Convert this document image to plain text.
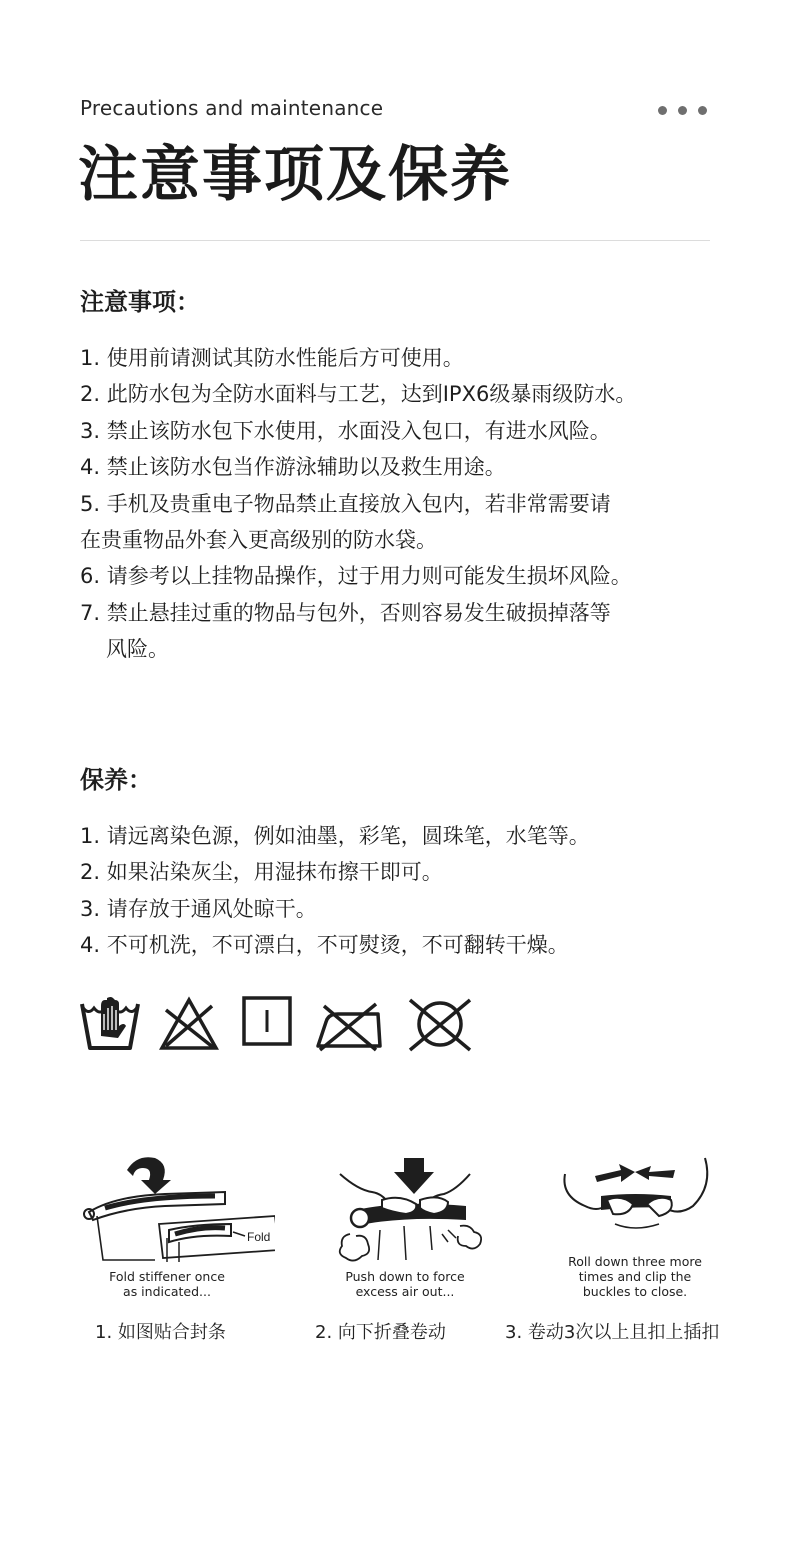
Precautions and maintenance
注意事项及保养
注意事项：
1. 使用前请测试其防水性能后方可使用。
2. 此防水包为全防水面料与工艺，达到IPX6级暴雨级防水。
3. 禁止该防水包下水使用，水面没入包口，有进水风险。
4. 禁止该防水包当作游泳辅助以及救生用途。
5. 手机及贵重电子物品禁止直接放入包内，若非常需要请
在贵重物品外套入更高级别的防水袋。
6. 请参考以上挂物品操作，过于用力则可能发生损坏风险。
7. 禁止悬挂过重的物品与包外，否则容易发生破损掉落等
风险。
保养：
1. 请远离染色源，例如油墨，彩笔，圆珠笔，水笔等。
2. 如果沾染灰尘，用湿抹布擦干即可。
3. 请存放于通风处晾干。
4. 不可机洗，不可漂白，不可熨烫，不可翻转干燥。
Fold
Fold stiffener once as indicated...
Push down to force excess air out...
Roll down three more times and clip the buckles to close.
1. 如图贴合封条	2. 向下折叠卷动	3. 卷动3次以上且扣上插扣
